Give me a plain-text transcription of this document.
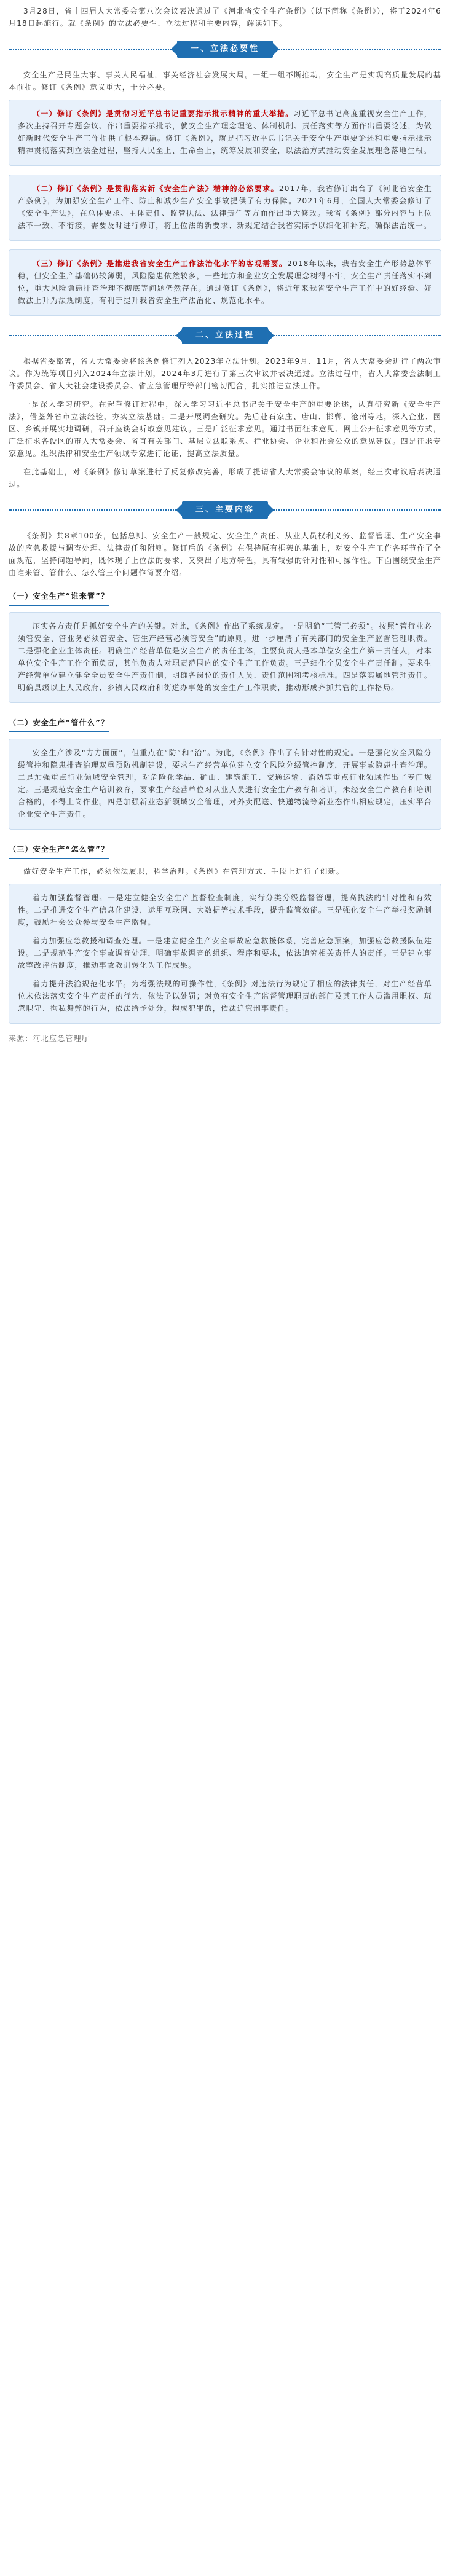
3月28日，省十四届人大常委会第八次会议表决通过了《河北省安全生产条例》（以下简称《条例》），将于2024年6月18日起施行。就《条例》的立法必要性、立法过程和主要内容，解读如下。

一、立法必要性

安全生产是民生大事、事关人民福祉，事关经济社会发展大局。一组一组不断推动，安全生产是实现高质量发展的基本前提。修订《条例》意义重大，十分必要。

（一）修订《条例》是贯彻习近平总书记重要指示批示精神的重大举措。习近平总书记高度重视安全生产工作，多次主持召开专题会议、作出重要指示批示，就安全生产理念理论、体制机制、责任落实等方面作出重要论述，为做好新时代安全生产工作提供了根本遵循。修订《条例》，就是把习近平总书记关于安全生产重要论述和重要指示批示精神贯彻落实到立法全过程，坚持人民至上、生命至上，统筹发展和安全，以法治方式推动安全发展理念落地生根。

（二）修订《条例》是贯彻落实新《安全生产法》精神的必然要求。2017年，我省修订出台了《河北省安全生产条例》，为加强安全生产工作、防止和减少生产安全事故提供了有力保障。2021年6月，全国人大常委会修订了《安全生产法》，在总体要求、主体责任、监管执法、法律责任等方面作出重大修改。我省《条例》部分内容与上位法不一致、不衔接，需要及时进行修订，将上位法的新要求、新规定结合我省实际予以细化和补充，确保法治统一。

（三）修订《条例》是推进我省安全生产工作法治化水平的客观需要。2018年以来，我省安全生产形势总体平稳，但安全生产基础仍较薄弱，风险隐患依然较多，一些地方和企业安全发展理念树得不牢，安全生产责任落实不到位，重大风险隐患排查治理不彻底等问题仍然存在。通过修订《条例》，将近年来我省安全生产工作中的好经验、好做法上升为法规制度，有利于提升我省安全生产法治化、规范化水平。

二、立法过程

根据省委部署，省人大常委会将该条例修订列入2023年立法计划。2023年9月、11月，省人大常委会进行了两次审议。作为统筹项目列入2024年立法计划，2024年3月进行了第三次审议并表决通过。立法过程中，省人大常委会法制工作委员会、省人大社会建设委员会、省应急管理厅等部门密切配合，扎实推进立法工作。

一是深入学习研究。在起草修订过程中，深入学习习近平总书记关于安全生产的重要论述，认真研究新《安全生产法》，借鉴外省市立法经验，夯实立法基础。二是开展调查研究。先后赴石家庄、唐山、邯郸、沧州等地，深入企业、园区、乡镇开展实地调研，召开座谈会听取意见建议。三是广泛征求意见。通过书面征求意见、网上公开征求意见等方式，广泛征求各设区的市人大常委会、省直有关部门、基层立法联系点、行业协会、企业和社会公众的意见建议。四是征求专家意见。组织法律和安全生产领域专家进行论证，提高立法质量。

在此基础上，对《条例》修订草案进行了反复修改完善，形成了提请省人大常委会审议的草案，经三次审议后表决通过。

三、主要内容

《条例》共8章100条，包括总则、安全生产一般规定、安全生产责任、从业人员权利义务、监督管理、生产安全事故的应急救援与调查处理、法律责任和附则。修订后的《条例》在保持原有框架的基础上，对安全生产工作各环节作了全面规范，坚持问题导向，既体现了上位法的要求，又突出了地方特色，具有较强的针对性和可操作性。下面围绕安全生产由谁来管、管什么、怎么管三个问题作简要介绍。

（一）安全生产“谁来管”？

压实各方责任是抓好安全生产的关键。对此，《条例》作出了系统规定。一是明确“三管三必须”。按照“管行业必须管安全、管业务必须管安全、管生产经营必须管安全”的原则，进一步厘清了有关部门的安全生产监督管理职责。二是强化企业主体责任。明确生产经营单位是安全生产的责任主体，主要负责人是本单位安全生产第一责任人，对本单位安全生产工作全面负责，其他负责人对职责范围内的安全生产工作负责。三是细化全员安全生产责任制。要求生产经营单位建立健全全员安全生产责任制，明确各岗位的责任人员、责任范围和考核标准。四是落实属地管理责任。明确县级以上人民政府、乡镇人民政府和街道办事处的安全生产工作职责，推动形成齐抓共管的工作格局。

（二）安全生产“管什么”？

安全生产涉及“方方面面”，但重点在“防”和“治”。为此，《条例》作出了有针对性的规定。一是强化安全风险分级管控和隐患排查治理双重预防机制建设，要求生产经营单位建立安全风险分级管控制度，开展事故隐患排查治理。二是加强重点行业领域安全管理，对危险化学品、矿山、建筑施工、交通运输、消防等重点行业领域作出了专门规定。三是规范安全生产培训教育，要求生产经营单位对从业人员进行安全生产教育和培训，未经安全生产教育和培训合格的，不得上岗作业。四是加强新业态新领域安全管理，对外卖配送、快递物流等新业态作出相应规定，压实平台企业安全生产责任。

（三）安全生产“怎么管”？

做好安全生产工作，必须依法履职，科学治理。《条例》在管理方式、手段上进行了创新。

着力加强监督管理。一是建立健全安全生产监督检查制度，实行分类分级监督管理，提高执法的针对性和有效性。二是推进安全生产信息化建设，运用互联网、大数据等技术手段，提升监管效能。三是强化安全生产举报奖励制度，鼓励社会公众参与安全生产监督。

着力加强应急救援和调查处理。一是建立健全生产安全事故应急救援体系，完善应急预案，加强应急救援队伍建设。二是规范生产安全事故调查处理，明确事故调查的组织、程序和要求，依法追究相关责任人的责任。三是建立事故整改评估制度，推动事故教训转化为工作成果。

着力提升法治规范化水平。为增强法规的可操作性，《条例》对违法行为规定了相应的法律责任，对生产经营单位未依法落实安全生产责任的行为，依法予以处罚；对负有安全生产监督管理职责的部门及其工作人员滥用职权、玩忽职守、徇私舞弊的行为，依法给予处分，构成犯罪的，依法追究刑事责任。

来源：河北应急管理厅
